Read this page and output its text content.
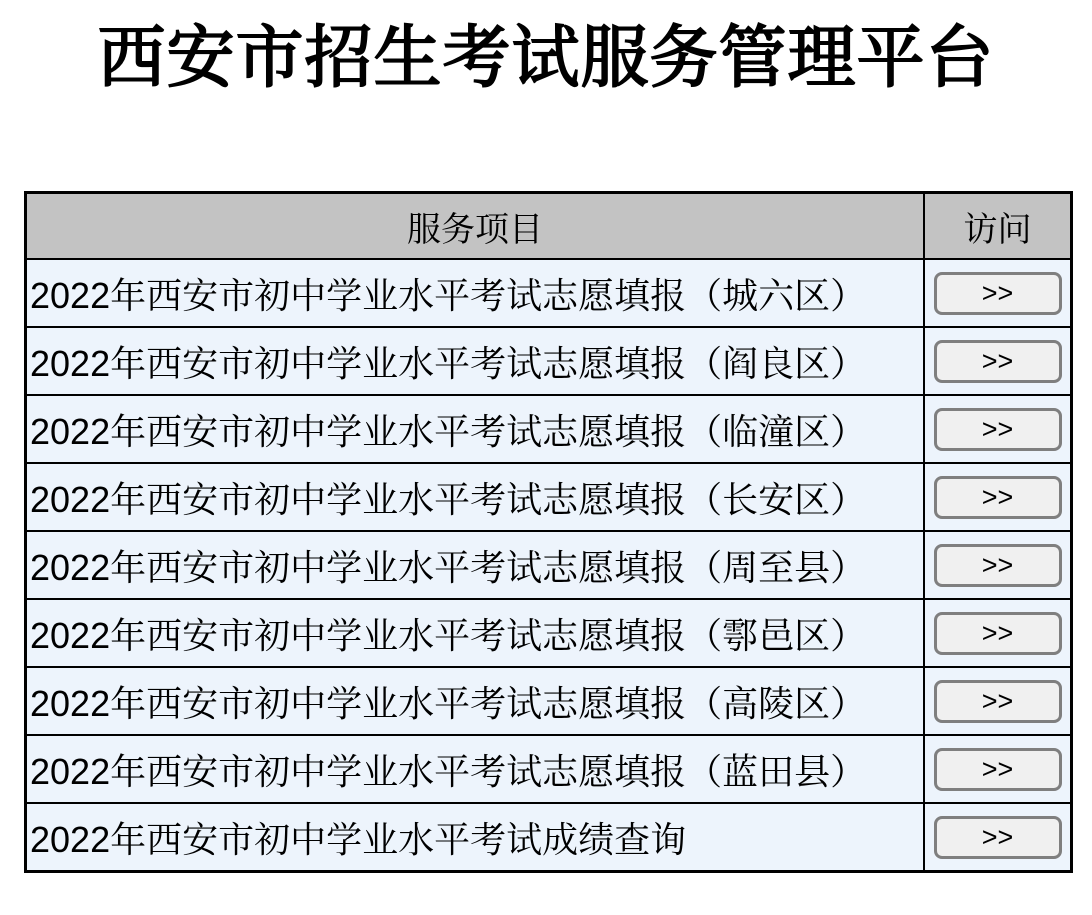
西安市招生考试服务管理平台
服务项目	访问
2022年西安市初中学业水平考试志愿填报（城六区）	>>
2022年西安市初中学业水平考试志愿填报（阎良区）	>>
2022年西安市初中学业水平考试志愿填报（临潼区）	>>
2022年西安市初中学业水平考试志愿填报（长安区）	>>
2022年西安市初中学业水平考试志愿填报（周至县）	>>
2022年西安市初中学业水平考试志愿填报（鄠邑区）	>>
2022年西安市初中学业水平考试志愿填报（高陵区）	>>
2022年西安市初中学业水平考试志愿填报（蓝田县）	>>
2022年西安市初中学业水平考试成绩查询	>>
